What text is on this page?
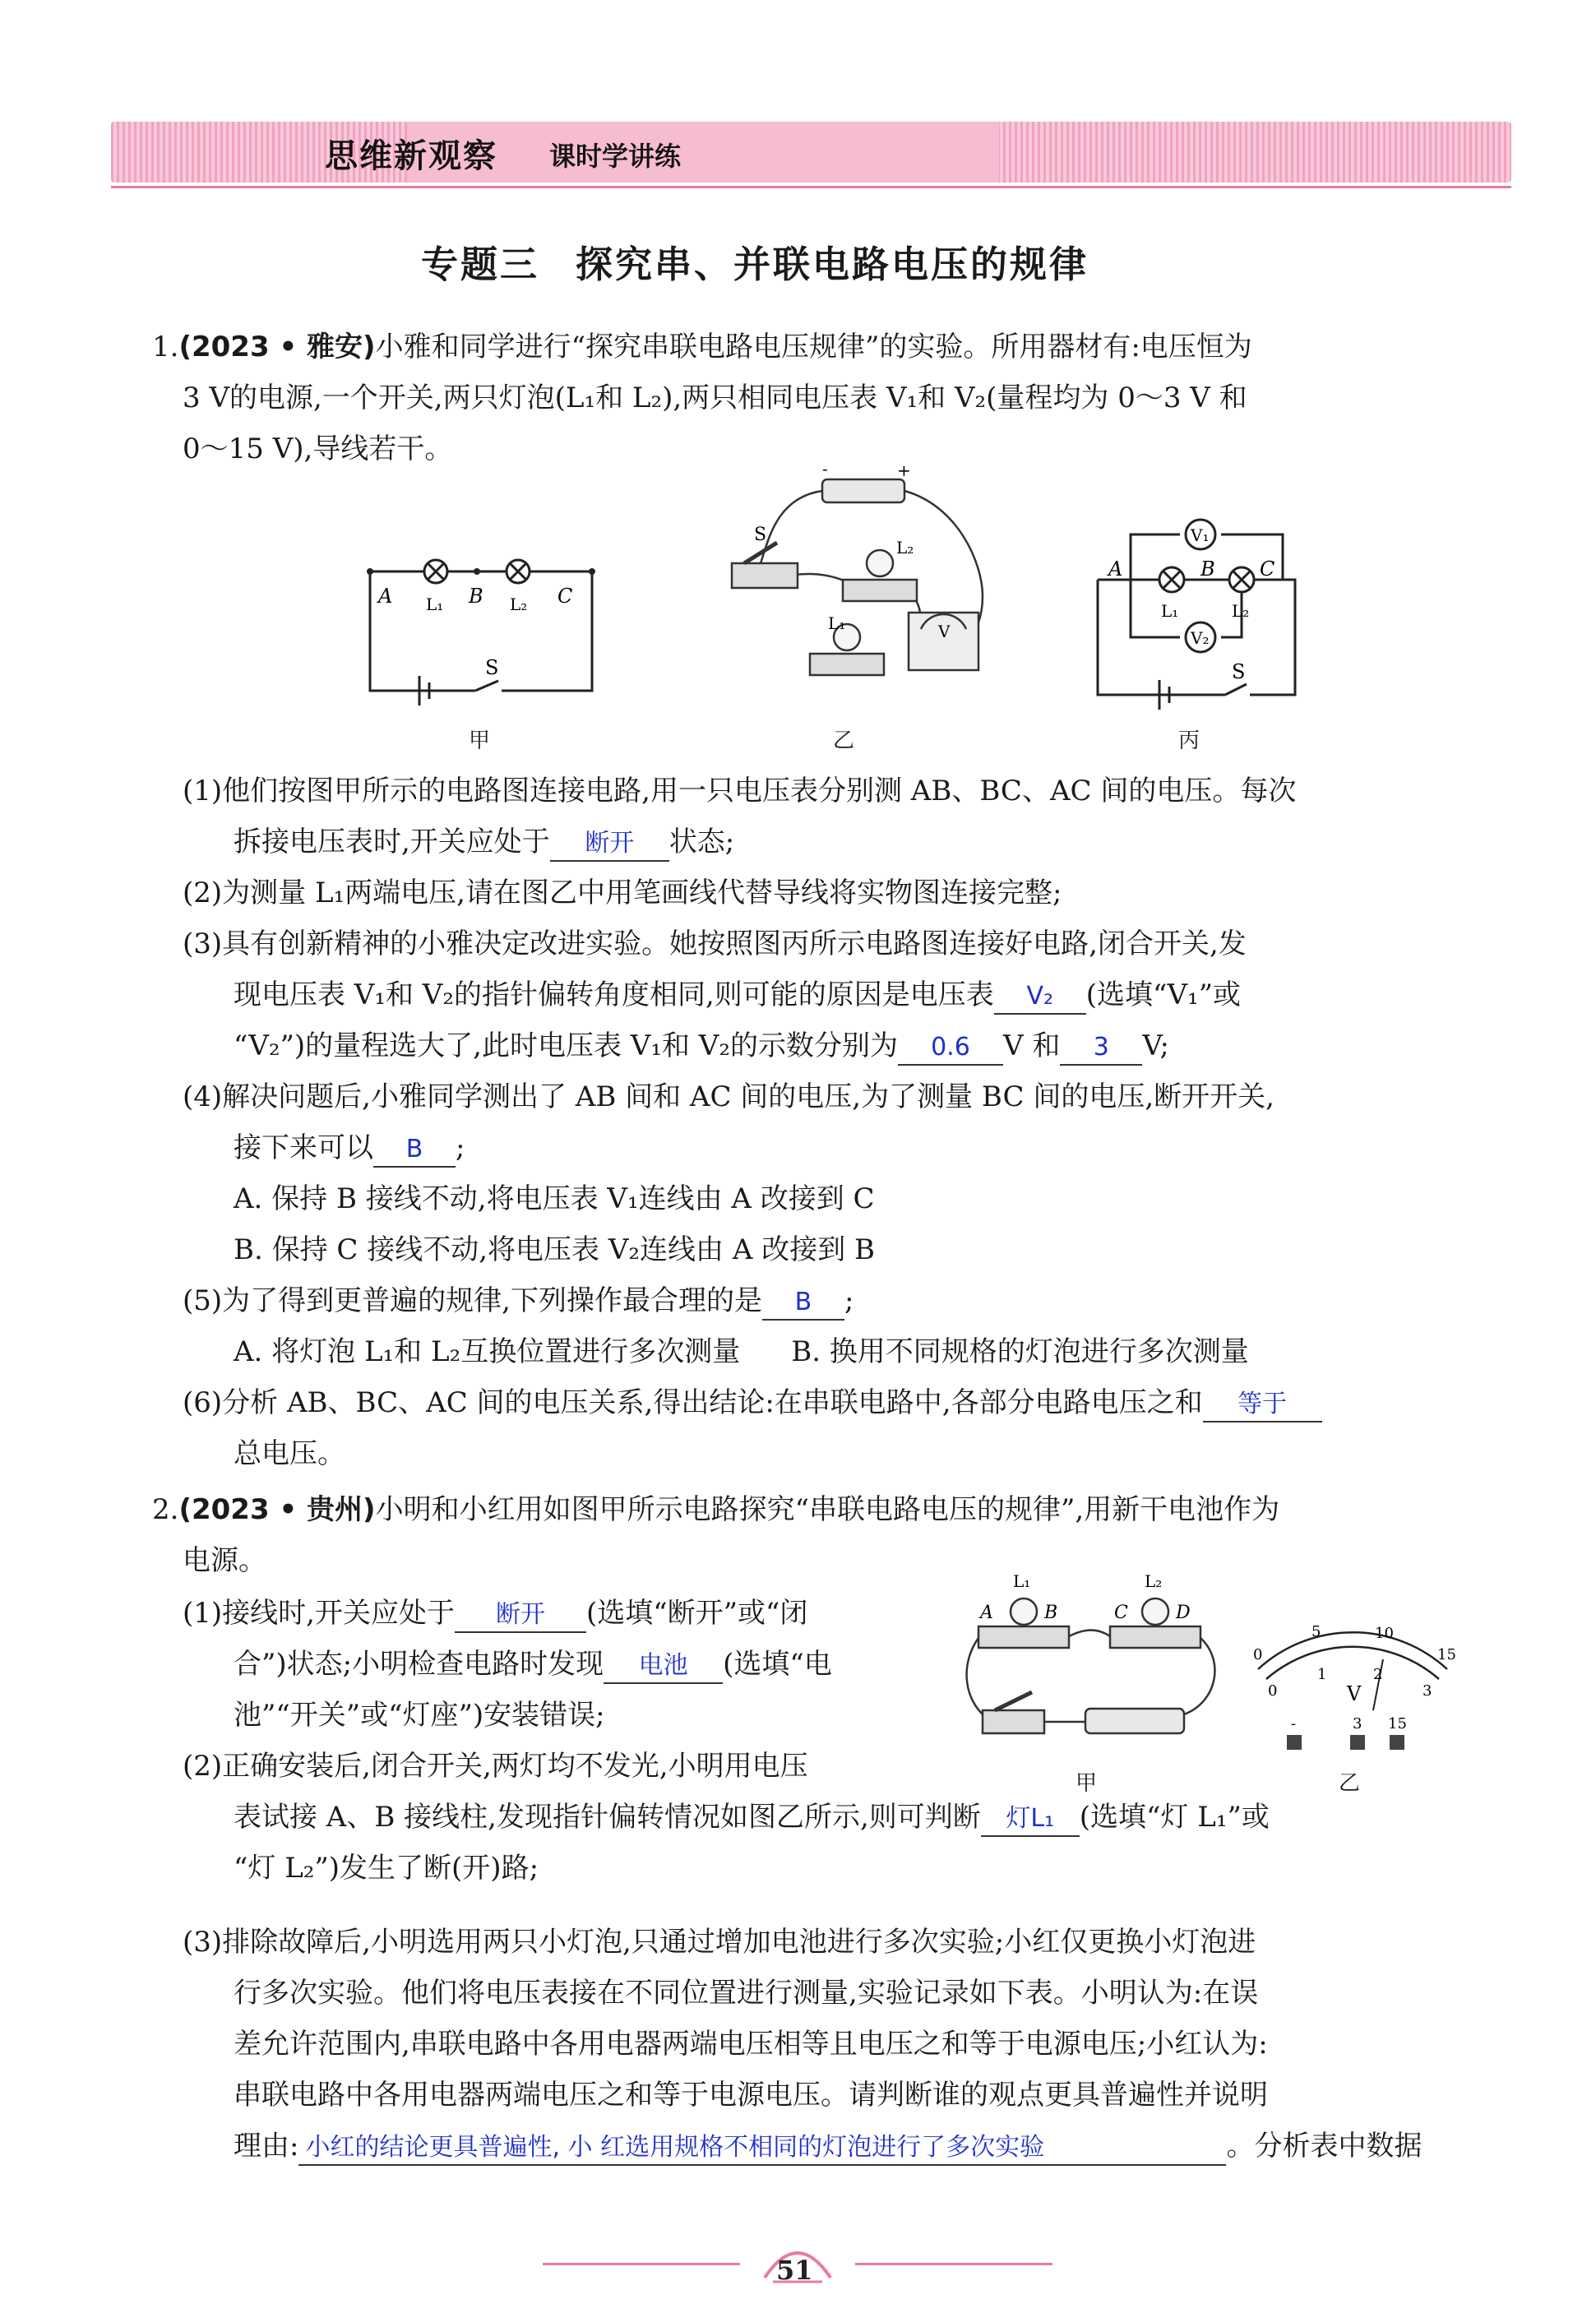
思维新观察 课时学讲练
专题三 探究串、并联电路电压的规律
1.(2023 • 雅安)小雅和同学进行“探究串联电路电压规律”的实验。所用器材有:电压恒为
3 V的电源,一个开关,两只灯泡(L₁和 L₂),两只相同电压表 V₁和 V₂(量程均为 0～3 V 和
0～15 V),导线若干。
A L₁ B L₂ C
S
甲
-	+
S
L₂
L₁	V
乙
V₁
V₂
A	B C
L₁	L₂
S
丙
(1)他们按图甲所示的电路图连接电路,用一只电压表分别测 AB、BC、AC 间的电压。每次
拆接电压表时,开关应处于 断开 状态;
(2)为测量 L₁两端电压,请在图乙中用笔画线代替导线将实物图连接完整;
(3)具有创新精神的小雅决定改进实验。她按照图丙所示电路图连接好电路,闭合开关,发
现电压表 V₁和 V₂的指针偏转角度相同,则可能的原因是电压表 V₂ (选填“V₁”或
“V₂”)的量程选大了,此时电压表 V₁和 V₂的示数分别为 0.6 V 和 3 V;
(4)解决问题后,小雅同学测出了 AB 间和 AC 间的电压,为了测量 BC 间的电压,断开开关,
接下来可以 B ;
A. 保持 B 接线不动,将电压表 V₁连线由 A 改接到 C
B. 保持 C 接线不动,将电压表 V₂连线由 A 改接到 B
(5)为了得到更普遍的规律,下列操作最合理的是 B ;
A. 将灯泡 L₁和 L₂互换位置进行多次测量 B. 换用不同规格的灯泡进行多次测量
(6)分析 AB、BC、AC 间的电压关系,得出结论:在串联电路中,各部分电路电压之和 等于
总电压。
2.(2023 • 贵州)小明和小红用如图甲所示电路探究“串联电路电压的规律”,用新干电池作为
电源。
(1)接线时,开关应处于 断开 (选填“断开”或“闭
合”)状态;小明检查电路时发现 电池 (选填“电
池”“开关”或“灯座”)安装错误;
(2)正确安装后,闭合开关,两灯均不发光,小明用电压
表试接 A、B 接线柱,发现指针偏转情况如图乙所示,则可判断 灯L₁ (选填“灯 L₁”或
“灯 L₂”)发生了断(开)路;
A
L₁
B	C
L₂
D
甲
0
5	10
15
0
1	2
3
V
-	3 15
乙
(3)排除故障后,小明选用两只小灯泡,只通过增加电池进行多次实验;小红仅更换小灯泡进
行多次实验。他们将电压表接在不同位置进行测量,实验记录如下表。小明认为:在误
差允许范围内,串联电路中各用电器两端电压相等且电压之和等于电源电压;小红认为:
串联电路中各用电器两端电压之和等于电源电压。请判断谁的观点更具普遍性并说明
理由: 小红的结论更具普遍性, 小 红选用规格不相同的灯泡进行了多次实验	。分析表中数据
51
